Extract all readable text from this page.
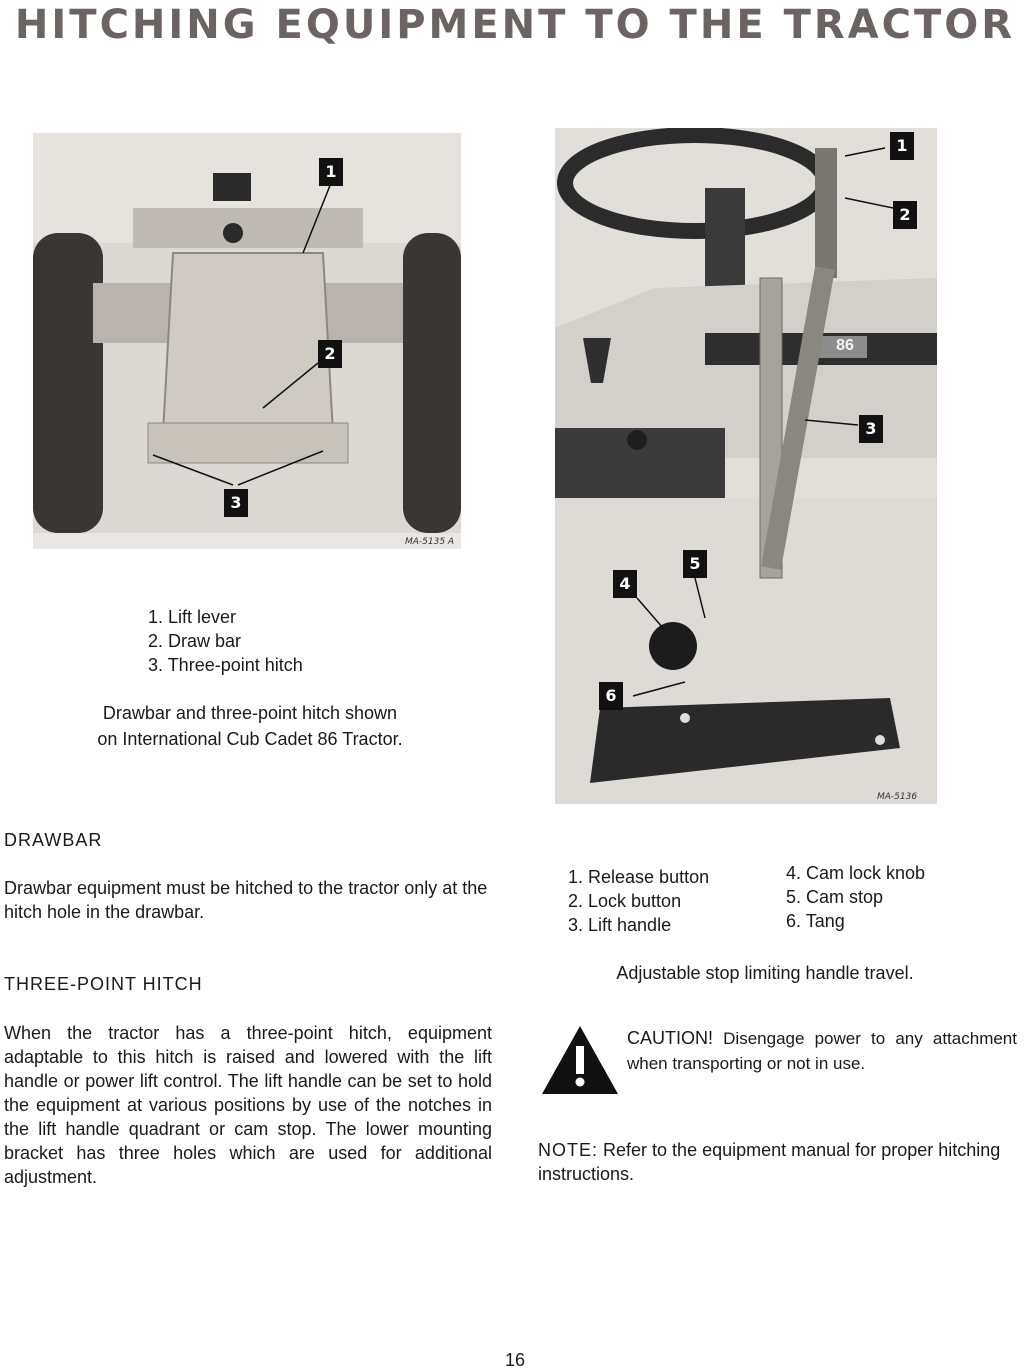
HITCHING EQUIPMENT TO THE TRACTOR
1
2
3
MA-5135 A
1. Lift lever
2. Draw bar
3. Three-point hitch
Drawbar and three-point hitch shown
on International Cub Cadet 86 Tractor.
1
2
3
4
5
6
86
MA-5136
DRAWBAR
Drawbar equipment must be hitched to the tractor only at the hitch hole in the drawbar.
THREE-POINT HITCH
When the tractor has a three-point hitch, equipment adaptable to this hitch is raised and lowered with the lift handle or power lift control. The lift handle can be set to hold the equipment at various positions by use of the notches in the lift handle quadrant or cam stop. The lower mounting bracket has three holes which are used for additional adjustment.
1. Release button
2. Lock button
3. Lift handle
4. Cam lock knob
5. Cam stop
6. Tang
Adjustable stop limiting handle travel.
CAUTION! Disengage power to any attachment when transporting or not in use.
NOTE: Refer to the equipment manual for proper hitching instructions.
16
